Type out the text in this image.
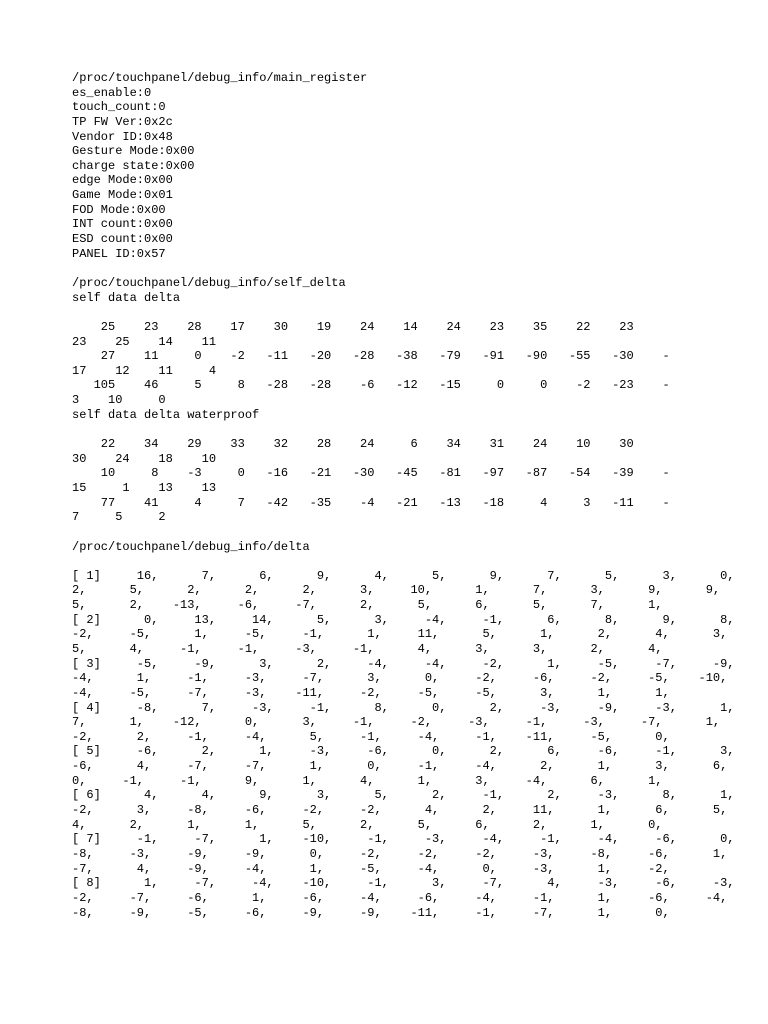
/proc/touchpanel/debug_info/main_register
es_enable:0
touch_count:0
TP FW Ver:0x2c
Vendor ID:0x48
Gesture Mode:0x00
charge state:0x00
edge Mode:0x00
Game Mode:0x01
FOD Mode:0x00
INT count:0x00
ESD count:0x00
PANEL ID:0x57
/proc/touchpanel/debug_info/self_delta
self data delta
25    23    28    17    30    19    24    14    24    23    35    22    23
23    25    14    11
27    11     0    -2   -11   -20   -28   -38   -79   -91   -90   -55   -30    -
17    12    11     4
105    46     5     8   -28   -28    -6   -12   -15     0     0    -2   -23    -
3    10     0
self data delta waterproof
22    34    29    33    32    28    24     6    34    31    24    10    30
30    24    18    10
10     8    -3     0   -16   -21   -30   -45   -81   -97   -87   -54   -39    -
15     1    13    13
77    41     4     7   -42   -35    -4   -21   -13   -18     4     3   -11    -
7     5     2
/proc/touchpanel/debug_info/delta
[ 1]     16,      7,      6,      9,      4,      5,      9,      7,      5,      3,      0,
2,      5,      2,      2,      2,      3,     10,      1,      7,      3,      9,      9,
5,      2,    -13,     -6,     -7,      2,      5,      6,      5,      7,      1,
[ 2]      0,     13,     14,      5,      3,     -4,     -1,      6,      8,      9,      8,
-2,     -5,      1,     -5,     -1,      1,     11,      5,      1,      2,      4,      3,
5,      4,     -1,     -1,     -3,     -1,      4,      3,      3,      2,      4,
[ 3]     -5,     -9,      3,      2,     -4,     -4,     -2,      1,     -5,     -7,     -9,
-4,      1,     -1,     -3,     -7,      3,      0,     -2,     -6,     -2,     -5,    -10,
-4,     -5,     -7,     -3,    -11,     -2,     -5,     -5,      3,      1,      1,
[ 4]     -8,      7,     -3,     -1,      8,      0,      2,     -3,     -9,     -3,      1,
7,      1,    -12,      0,      3,     -1,     -2,     -3,     -1,     -3,     -7,      1,
-2,      2,     -1,     -4,      5,     -1,     -4,     -1,    -11,     -5,      0,
[ 5]     -6,      2,      1,     -3,     -6,      0,      2,      6,     -6,     -1,      3,
-6,      4,     -7,     -7,      1,      0,     -1,     -4,      2,      1,      3,      6,
0,     -1,     -1,      9,      1,      4,      1,      3,     -4,      6,      1,
[ 6]      4,      4,      9,      3,      5,      2,     -1,      2,     -3,      8,      1,
-2,      3,     -8,     -6,     -2,     -2,      4,      2,     11,      1,      6,      5,
4,      2,      1,      1,      5,      2,      5,      6,      2,      1,      0,
[ 7]     -1,     -7,      1,    -10,     -1,     -3,     -4,     -1,     -4,     -6,      0,
-8,     -3,     -9,     -9,      0,     -2,     -2,     -2,     -3,     -8,     -6,      1,
-7,      4,     -9,     -4,      1,     -5,     -4,      0,     -3,      1,     -2,
[ 8]      1,     -7,     -4,    -10,     -1,      3,     -7,      4,     -3,     -6,     -3,
-2,     -7,     -6,      1,     -6,     -4,     -6,     -4,     -1,      1,     -6,     -4,
-8,     -9,     -5,     -6,     -9,     -9,    -11,     -1,     -7,      1,      0,
